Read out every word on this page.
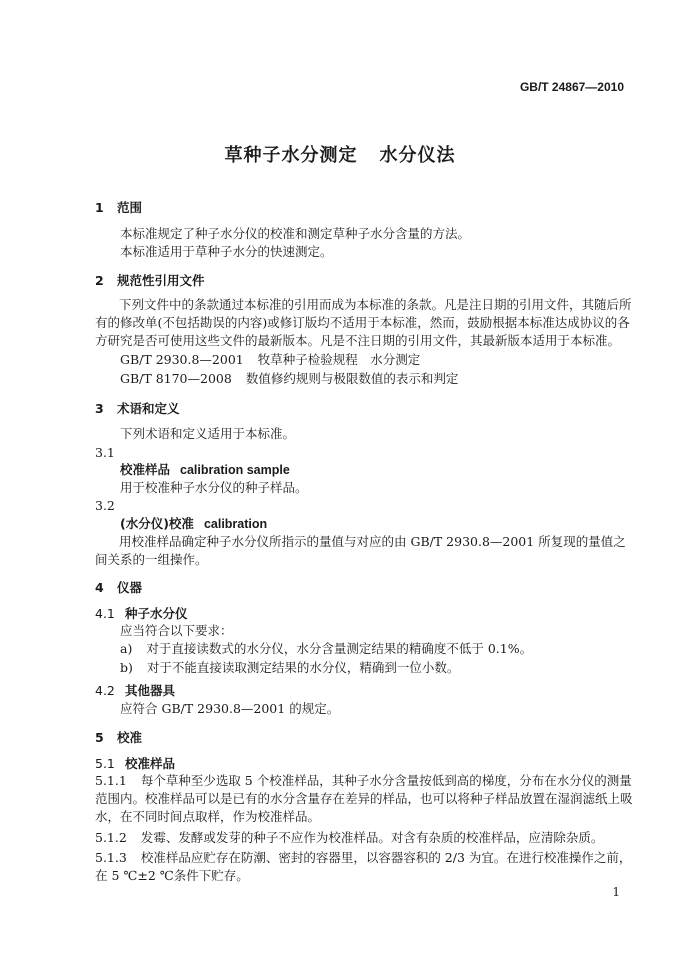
GB/T 24867—2010
草种子水分测定 水分仪法
1 范围
本标准规定了种子水分仪的校准和测定草种子水分含量的方法。
本标准适用于草种子水分的快速测定。
2 规范性引用文件
下列文件中的条款通过本标准的引用而成为本标准的条款。凡是注日期的引用文件，其随后所有的修改单(不包括勘误的内容)或修订版均不适用于本标准，然而，鼓励根据本标准达成协议的各方研究是否可使用这些文件的最新版本。凡是不注日期的引用文件，其最新版本适用于本标准。
GB/T 2930.8—2001 牧草种子检验规程　水分测定
GB/T 8170—2008 数值修约规则与极限数值的表示和判定
3 术语和定义
下列术语和定义适用于本标准。
3.1
校准样品 calibration sample
用于校准种子水分仪的种子样品。
3.2
(水分仪)校准 calibration
用校准样品确定种子水分仪所指示的量值与对应的由 GB/T 2930.8—2001 所复现的量值之间关系的一组操作。
4 仪器
4.1 种子水分仪
应当符合以下要求：
a) 对于直接读数式的水分仪，水分含量测定结果的精确度不低于 0.1%。
b) 对于不能直接读取测定结果的水分仪，精确到一位小数。
4.2 其他器具
应符合 GB/T 2930.8—2001 的规定。
5 校准
5.1 校准样品
5.1.1 每个草种至少选取 5 个校准样品，其种子水分含量按低到高的梯度，分布在水分仪的测量范围内。校准样品可以是已有的水分含量存在差异的样品，也可以将种子样品放置在湿润滤纸上吸水，在不同时间点取样，作为校准样品。
5.1.2 发霉、发酵或发芽的种子不应作为校准样品。对含有杂质的校准样品，应清除杂质。
5.1.3 校准样品应贮存在防潮、密封的容器里，以容器容积的 2/3 为宜。在进行校准操作之前，在 5 ℃±2 ℃条件下贮存。
1
